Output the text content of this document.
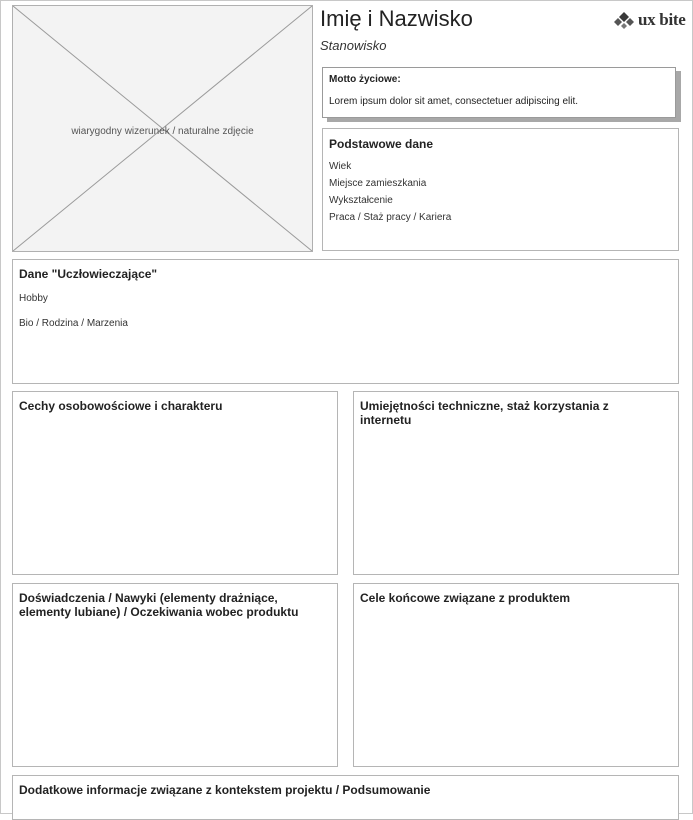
wiarygodny wizerunek / naturalne zdjęcie
Imię i Nazwisko
Stanowisko
ux bite
Motto życiowe:
Lorem ipsum dolor sit amet, consectetuer adipiscing elit.
Podstawowe dane
Wiek
Miejsce zamieszkania
Wykształcenie
Praca / Staż pracy / Kariera
Dane "Uczłowieczające"
Hobby
Bio / Rodzina / Marzenia
Cechy osobowościowe i charakteru	Umiejętności techniczne, staż korzystania z internetu
Doświadczenia / Nawyki (elementy drażniące, elementy lubiane) / Oczekiwania wobec produktu
Cele końcowe związane z produktem
Dodatkowe informacje związane z kontekstem projektu / Podsumowanie
